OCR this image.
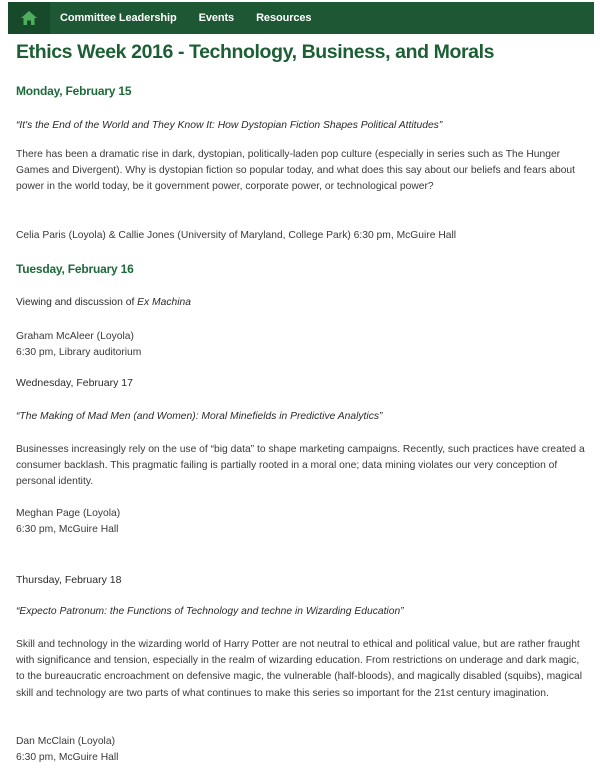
Committee Leadership Events Resources
Ethics Week 2016 - Technology, Business, and Morals
Monday, February 15
“It's the End of the World and They Know It: How Dystopian Fiction Shapes Political Attitudes”

There has been a dramatic rise in dark, dystopian, politically-laden pop culture (especially in series such as The Hunger Games and Divergent). Why is dystopian fiction so popular today, and what does this say about our beliefs and fears about power in the world today, be it government power, corporate power, or technological power?

Celia Paris (Loyola) & Callie Jones (University of Maryland, College Park) 6:30 pm, McGuire Hall
Tuesday, February 16
Viewing and discussion of Ex Machina
Graham McAleer (Loyola)
6:30 pm, Library auditorium
Wednesday, February 17
“The Making of Mad Men (and Women): Moral Minefields in Predictive Analytics”

Businesses increasingly rely on the use of “big data” to shape marketing campaigns. Recently, such practices have created a consumer backlash. This pragmatic failing is partially rooted in a moral one; data mining violates our very conception of personal identity.

Meghan Page (Loyola)
6:30 pm, McGuire Hall
Thursday, February 18
“Expecto Patronum: the Functions of Technology and techne in Wizarding Education”

Skill and technology in the wizarding world of Harry Potter are not neutral to ethical and political value, but are rather fraught with significance and tension, especially in the realm of wizarding education. From restrictions on underage and dark magic, to the bureaucratic encroachment on defensive magic, the vulnerable (half-bloods), and magically disabled (squibs), magical skill and technology are two parts of what continues to make this series so important for the 21st century imagination.

Dan McClain (Loyola)
6:30 pm, McGuire Hall
